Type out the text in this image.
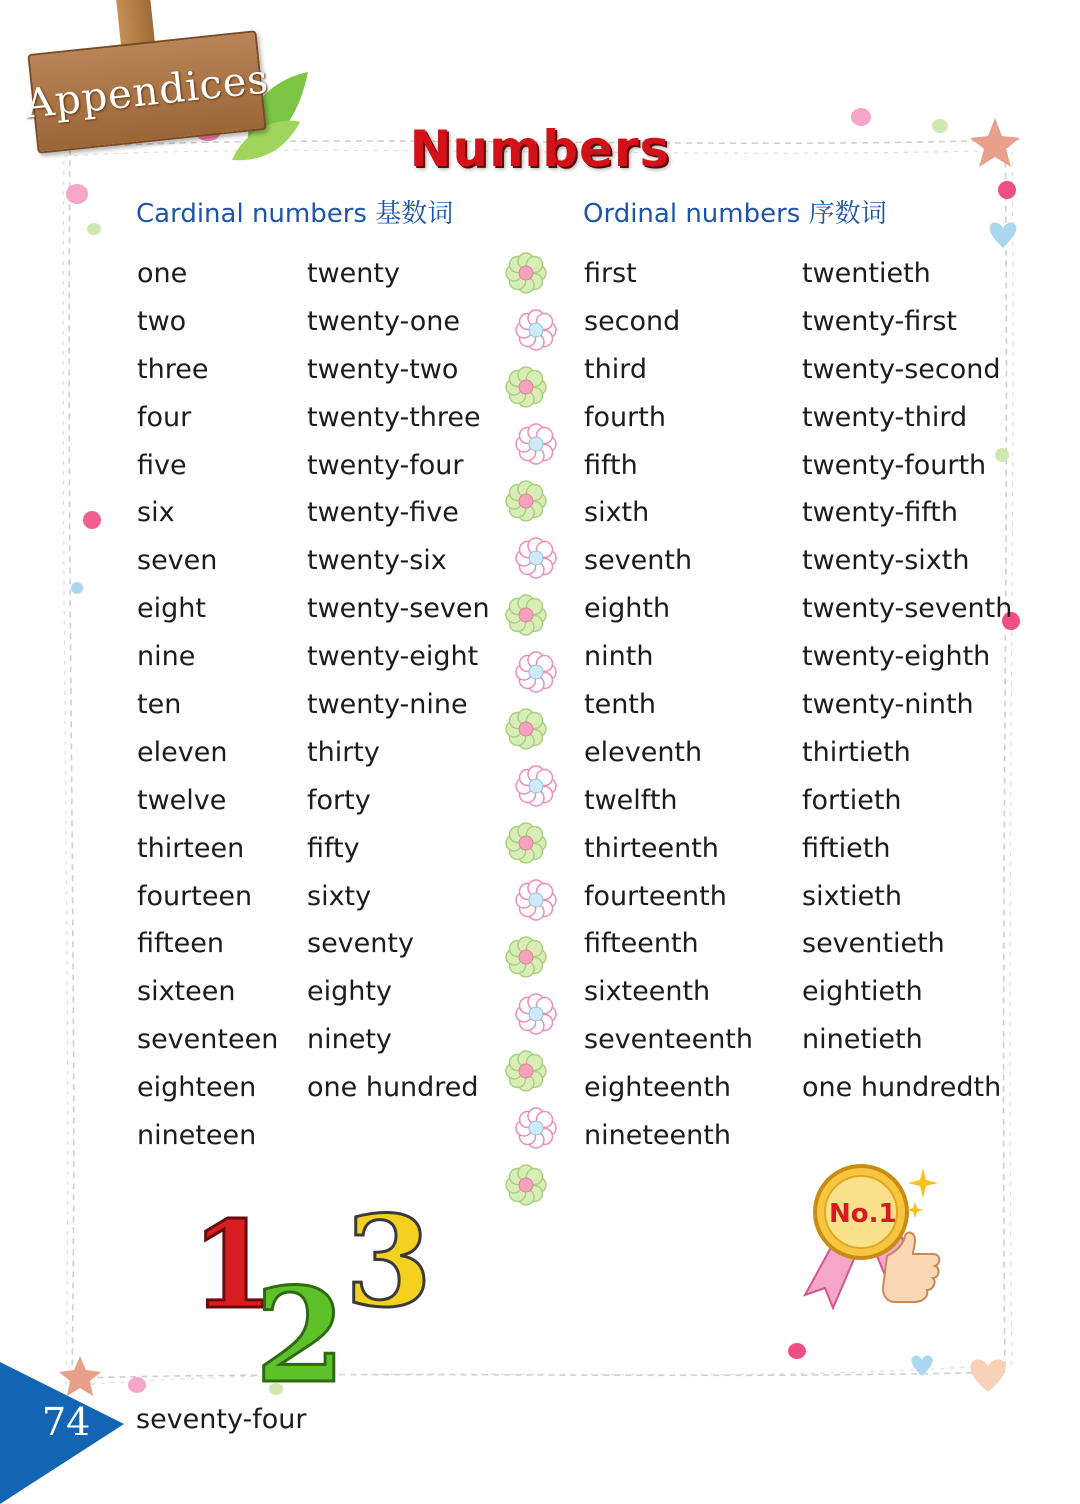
Appendices
Numbers
Cardinal numbers 基数词	Ordinal numbers 序数词
one
two
three
four
five
six
seven
eight
nine
ten
eleven
twelve
thirteen
fourteen
fifteen
sixteen
seventeen
eighteen
nineteen
twenty
twenty-one
twenty-two
twenty-three
twenty-four
twenty-five
twenty-six
twenty-seven
twenty-eight
twenty-nine
thirty
forty
fifty
sixty
seventy
eighty
ninety
one hundred
first
second
third
fourth
fifth
sixth
seventh
eighth
ninth
tenth
eleventh
twelfth
thirteenth
fourteenth
fifteenth
sixteenth
seventeenth
eighteenth
nineteenth
twentieth
twenty-first
twenty-second
twenty-third
twenty-fourth
twenty-fifth
twenty-sixth
twenty-seventh
twenty-eighth
twenty-ninth
thirtieth
fortieth
fiftieth
sixtieth
seventieth
eightieth
ninetieth
one hundredth
1
2 3	No.1
74 seventy-four
